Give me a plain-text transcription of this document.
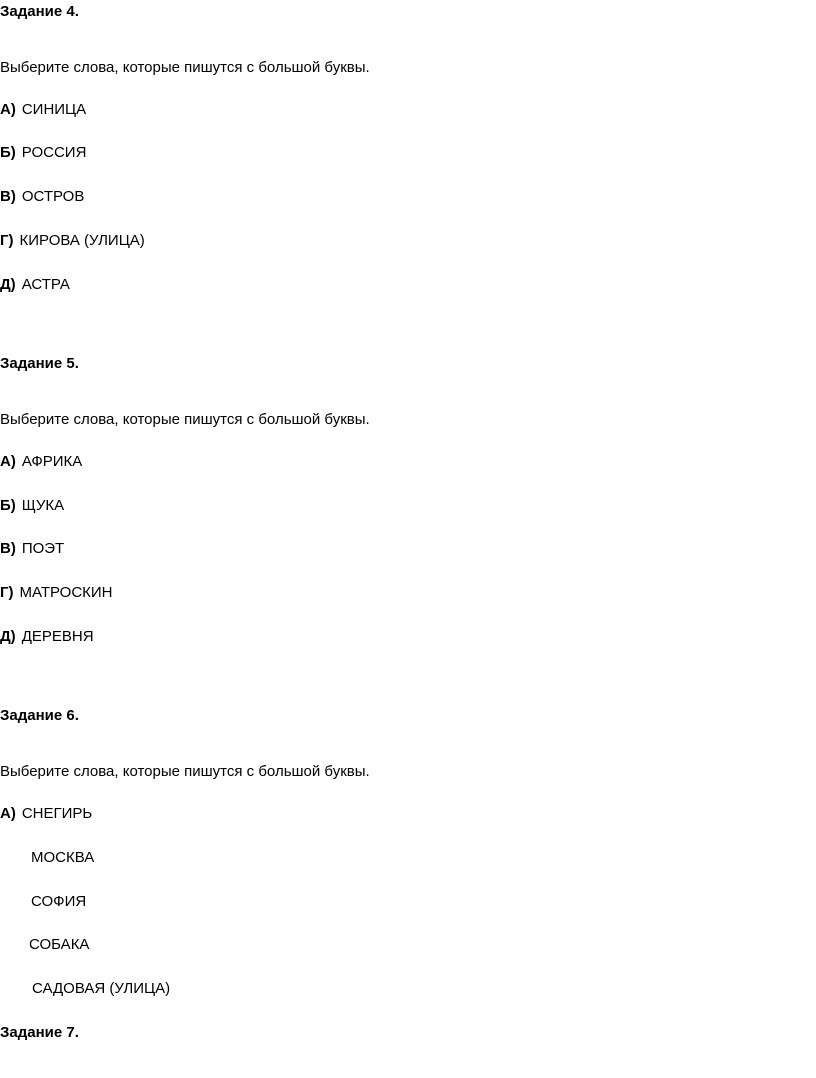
Задание 4.
Выберите слова, которые пишутся с большой буквы.
А) СИНИЦА
Б) РОССИЯ
В) ОСТРОВ
Г) КИРОВА (УЛИЦА)
Д) АСТРА
Задание 5.
Выберите слова, которые пишутся с большой буквы.
А) АФРИКА
Б) ЩУКА
В) ПОЭТ
Г) МАТРОСКИН
Д) ДЕРЕВНЯ
Задание 6.
Выберите слова, которые пишутся с большой буквы.
А) СНЕГИРЬ
МОСКВА
СОФИЯ
СОБАКА
САДОВАЯ (УЛИЦА)
Задание 7.
